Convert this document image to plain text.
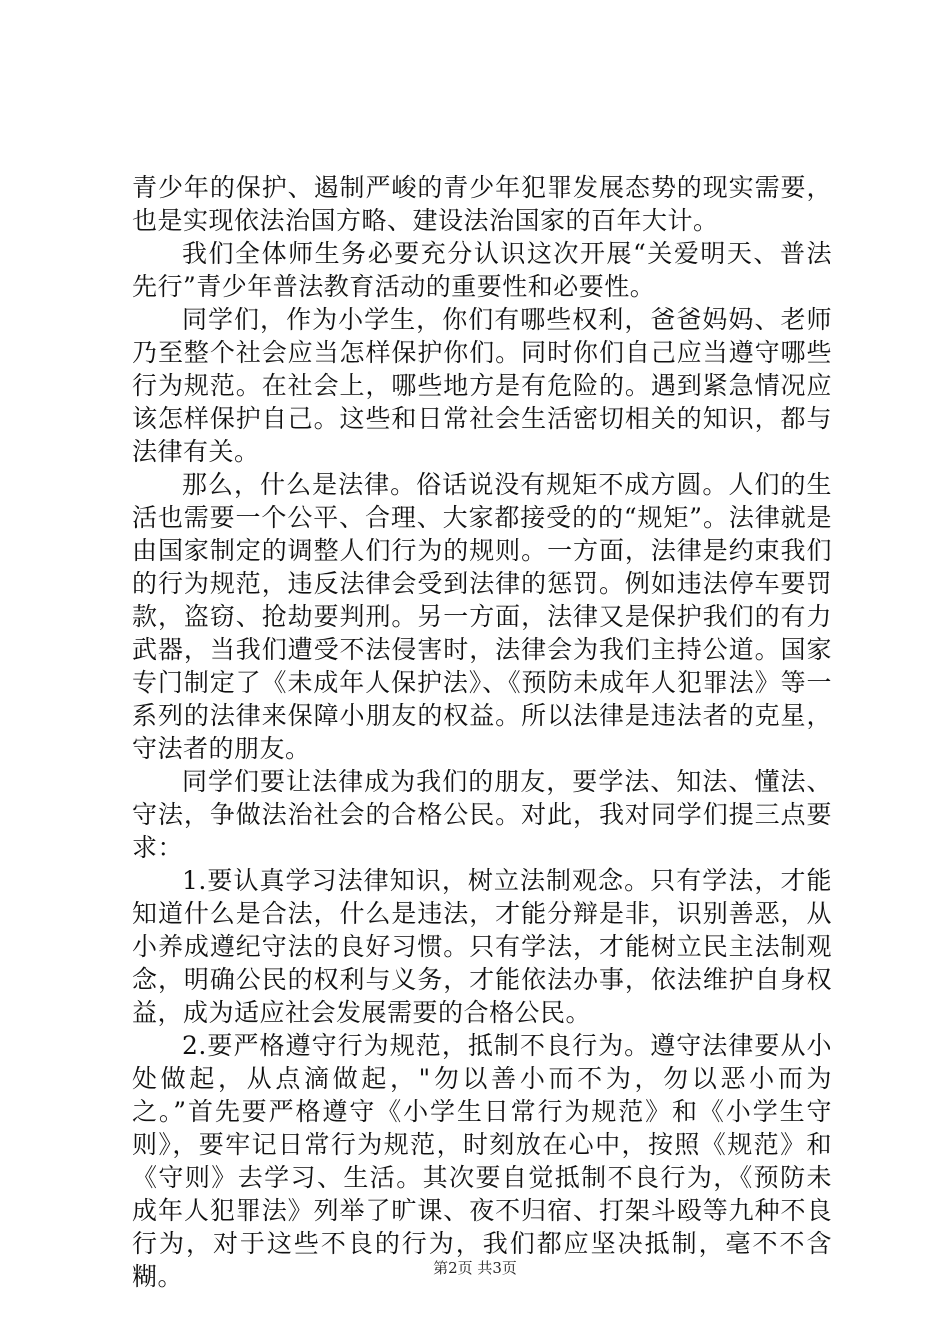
青少年的保护、遏制严峻的青少年犯罪发展态势的现实需要，也是实现依法治国方略、建设法治国家的百年大计。

我们全体师生务必要充分认识这次开展“关爱明天、普法先行”青少年普法教育活动的重要性和必要性。

同学们，作为小学生，你们有哪些权利，爸爸妈妈、老师乃至整个社会应当怎样保护你们。同时你们自己应当遵守哪些行为规范。在社会上，哪些地方是有危险的。遇到紧急情况应该怎样保护自己。这些和日常社会生活密切相关的知识，都与法律有关。

那么，什么是法律。俗话说没有规矩不成方圆。人们的生活也需要一个公平、合理、大家都接受的的“规矩”。法律就是由国家制定的调整人们行为的规则。一方面，法律是约束我们的行为规范，违反法律会受到法律的惩罚。例如违法停车要罚款，盗窃、抢劫要判刑。另一方面，法律又是保护我们的有力武器，当我们遭受不法侵害时，法律会为我们主持公道。国家专门制定了《未成年人保护法》、《预防未成年人犯罪法》等一系列的法律来保障小朋友的权益。所以法律是违法者的克星，守法者的朋友。

同学们要让法律成为我们的朋友，要学法、知法、懂法、守法，争做法治社会的合格公民。对此，我对同学们提三点要求：

1.要认真学习法律知识，树立法制观念。只有学法，才能知道什么是合法，什么是违法，才能分辩是非，识别善恶，从小养成遵纪守法的良好习惯。只有学法，才能树立民主法制观念，明确公民的权利与义务，才能依法办事，依法维护自身权益，成为适应社会发展需要的合格公民。

2.要严格遵守行为规范，抵制不良行为。遵守法律要从小处做起，从点滴做起，"勿以善小而不为，勿以恶小而为之。”首先要严格遵守《小学生日常行为规范》和《小学生守则》，要牢记日常行为规范，时刻放在心中，按照《规范》和《守则》去学习、生活。其次要自觉抵制不良行为，《预防未成年人犯罪法》列举了旷课、夜不归宿、打架斗殴等九种不良行为，对于这些不良的行为，我们都应坚决抵制，毫不不含糊。	第2页 共3页
